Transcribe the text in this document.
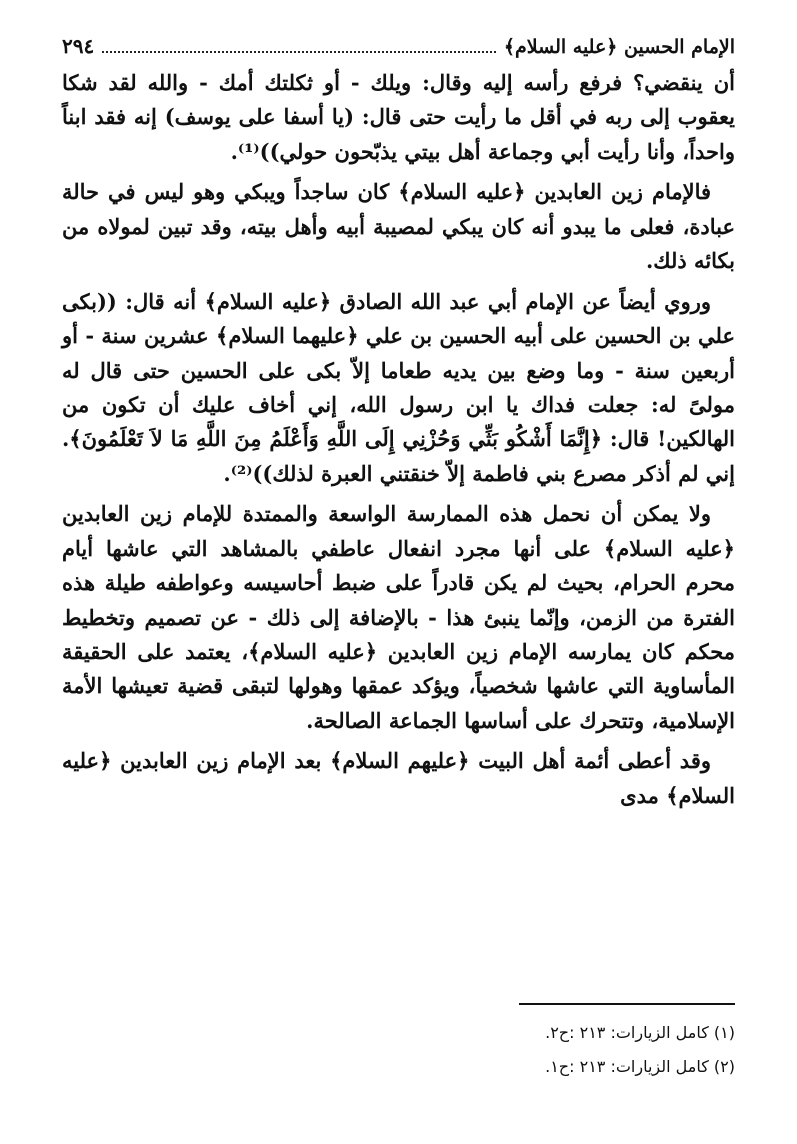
الإمام الحسين ﴿عليه السلام﴾
٢٩٤

أن ينقضي؟ فرفع رأسه إليه وقال: ويلك - أو ثكلتك أمك - والله لقد شكا يعقوب إلى ربه في أقل ما رأيت حتى قال: (يا أسفا على يوسف) إنه فقد ابناً واحداً، وأنا رأيت أبي وجماعة أهل بيتي يذبّحون حولي))⁽¹⁾.

فالإمام زين العابدين ﴿عليه السلام﴾ كان ساجداً ويبكي وهو ليس في حالة عبادة، فعلى ما يبدو أنه كان يبكي لمصيبة أبيه وأهل بيته، وقد تبين لمولاه من بكائه ذلك.

وروي أيضاً عن الإمام أبي عبد الله الصادق ﴿عليه السلام﴾ أنه قال: ((بكى علي بن الحسين على أبيه الحسين بن علي ﴿عليهما السلام﴾ عشرين سنة - أو أربعين سنة - وما وضع بين يديه طعاما إلاّ بكى على الحسين حتى قال له مولىً له: جعلت فداك يا ابن رسول الله، إني أخاف عليك أن تكون من الهالكين! قال: ﴿إِنَّمَا أَشْكُو بَثِّي وَحُزْنِي إِلَى اللَّهِ وَأَعْلَمُ مِنَ اللَّهِ مَا لاَ تَعْلَمُونَ﴾. إني لم أذكر مصرع بني فاطمة إلاّ خنقتني العبرة لذلك))⁽²⁾.

ولا يمكن أن نحمل هذه الممارسة الواسعة والممتدة للإمام زين العابدين ﴿عليه السلام﴾ على أنها مجرد انفعال عاطفي بالمشاهد التي عاشها أيام محرم الحرام، بحيث لم يكن قادراً على ضبط أحاسيسه وعواطفه طيلة هذه الفترة من الزمن، وإنّما ينبئ هذا - بالإضافة إلى ذلك - عن تصميم وتخطيط محكم كان يمارسه الإمام زين العابدين ﴿عليه السلام﴾، يعتمد على الحقيقة المأساوية التي عاشها شخصياً، ويؤكد عمقها وهولها لتبقى قضية تعيشها الأمة الإسلامية، وتتحرك على أساسها الجماعة الصالحة.

وقد أعطى أئمة أهل البيت ﴿عليهم السلام﴾ بعد الإمام زين العابدين ﴿عليه السلام﴾ مدى

(١) كامل الزيارات: ٢١٣ :ح٢.
(٢) كامل الزيارات: ٢١٣ :ح١.
